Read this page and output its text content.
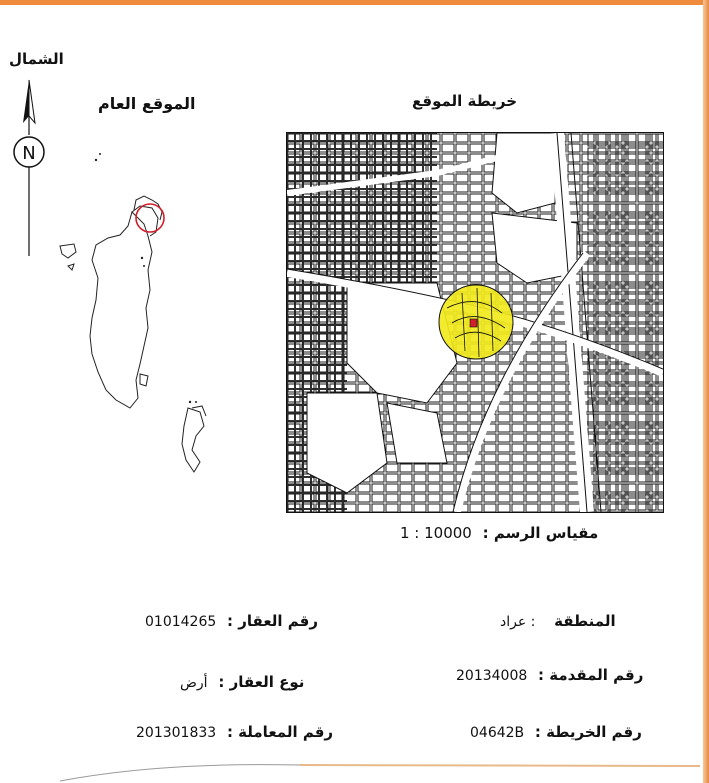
الشمال
N
الموقع العام	خريطة الموقع
مقياس الرسم : 1 : 10000
رقم العقار : 01014265
نوع العقار : أرض
رقم المعاملة : 201301833
المنطقة : عراد
رقم المقدمة : 20134008
رقم الخريطة : 04642B
